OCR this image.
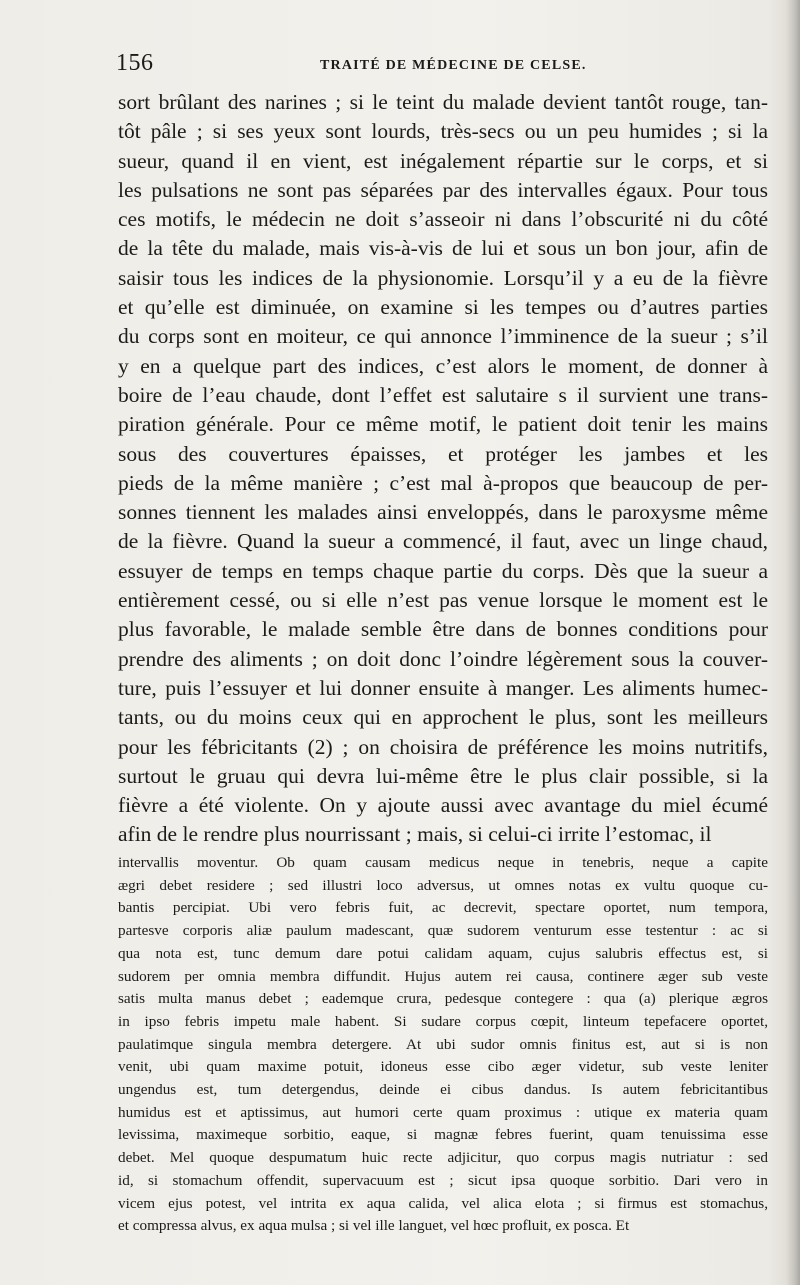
156	TRAITÉ DE MÉDECINE DE CELSE.
sort brûlant des narines ; si le teint du malade devient tantôt rouge, tan-
tôt pâle ; si ses yeux sont lourds, très-secs ou un peu humides ; si la
sueur, quand il en vient, est inégalement répartie sur le corps, et si
les pulsations ne sont pas séparées par des intervalles égaux. Pour tous
ces motifs, le médecin ne doit s’asseoir ni dans l’obscurité ni du côté
de la tête du malade, mais vis-à-vis de lui et sous un bon jour, afin de
saisir tous les indices de la physionomie. Lorsqu’il y a eu de la fièvre
et qu’elle est diminuée, on examine si les tempes ou d’autres parties
du corps sont en moiteur, ce qui annonce l’imminence de la sueur ; s’il
y en a quelque part des indices, c’est alors le moment, de donner à
boire de l’eau chaude, dont l’effet est salutaire s il survient une trans-
piration générale. Pour ce même motif, le patient doit tenir les mains
sous des couvertures épaisses, et protéger les jambes et les
pieds de la même manière ; c’est mal à-propos que beaucoup de per-
sonnes tiennent les malades ainsi enveloppés, dans le paroxysme même
de la fièvre. Quand la sueur a commencé, il faut, avec un linge chaud,
essuyer de temps en temps chaque partie du corps. Dès que la sueur a
entièrement cessé, ou si elle n’est pas venue lorsque le moment est le
plus favorable, le malade semble être dans de bonnes conditions pour
prendre des aliments ; on doit donc l’oindre légèrement sous la couver-
ture, puis l’essuyer et lui donner ensuite à manger. Les aliments humec-
tants, ou du moins ceux qui en approchent le plus, sont les meilleurs
pour les fébricitants (2) ; on choisira de préférence les moins nutritifs,
surtout le gruau qui devra lui-même être le plus clair possible, si la
fièvre a été violente. On y ajoute aussi avec avantage du miel écumé
afin de le rendre plus nourrissant ; mais, si celui-ci irrite l’estomac, il
intervallis moventur. Ob quam causam medicus neque in tenebris, neque a capite
ægri debet residere ; sed illustri loco adversus, ut omnes notas ex vultu quoque cu-
bantis percipiat. Ubi vero febris fuit, ac decrevit, spectare oportet, num tempora,
partesve corporis aliæ paulum madescant, quæ sudorem venturum esse testentur : ac si
qua nota est, tunc demum dare potui calidam aquam, cujus salubris effectus est, si
sudorem per omnia membra diffundit. Hujus autem rei causa, continere æger sub veste
satis multa manus debet ; eademque crura, pedesque contegere : qua (a) plerique ægros
in ipso febris impetu male habent. Si sudare corpus cœpit, linteum tepefacere oportet,
paulatimque singula membra detergere. At ubi sudor omnis finitus est, aut si is non
venit, ubi quam maxime potuit, idoneus esse cibo æger videtur, sub veste leniter
ungendus est, tum detergendus, deinde ei cibus dandus. Is autem febricitantibus
humidus est et aptissimus, aut humori certe quam proximus : utique ex materia quam
levissima, maximeque sorbitio, eaque, si magnæ febres fuerint, quam tenuissima esse
debet. Mel quoque despumatum huic recte adjicitur, quo corpus magis nutriatur : sed
id, si stomachum offendit, supervacuum est ; sicut ipsa quoque sorbitio. Dari vero in
vicem ejus potest, vel intrita ex aqua calida, vel alica elota ; si firmus est stomachus,
et compressa alvus, ex aqua mulsa ; si vel ille languet, vel hœc profluit, ex posca. Et
